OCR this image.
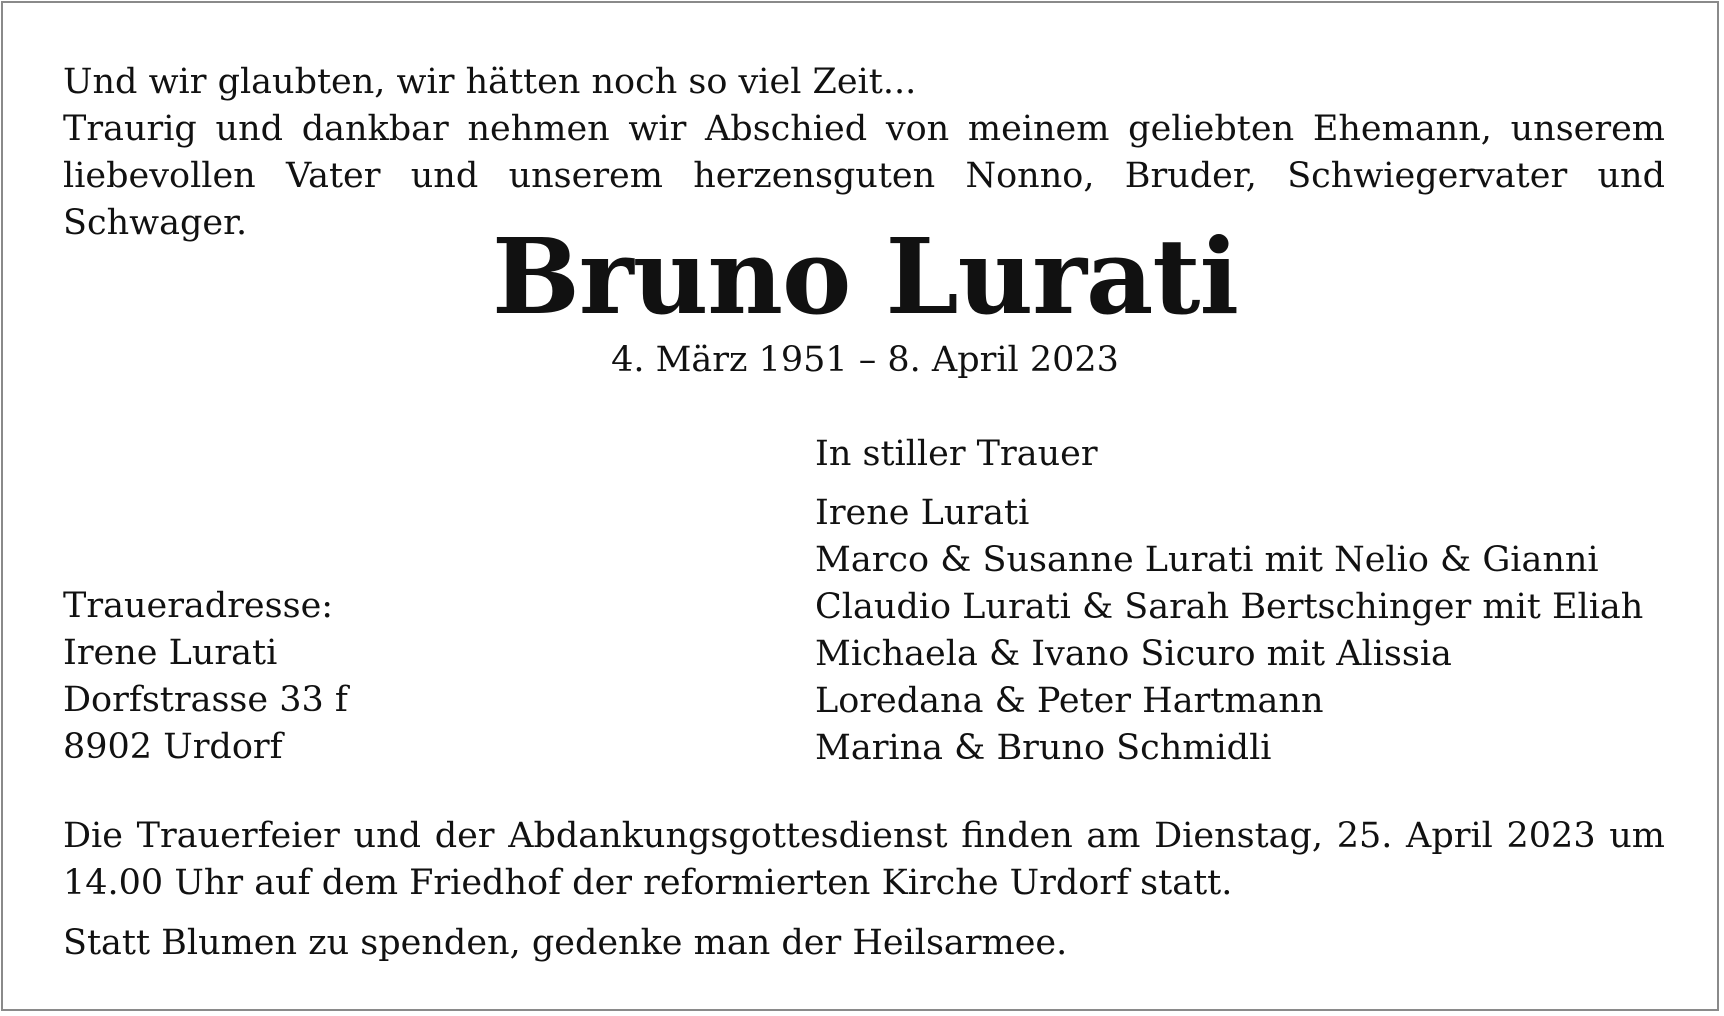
Und wir glaubten, wir hätten noch so viel Zeit...
Traurig und dankbar nehmen wir Abschied von meinem geliebten Ehemann, unserem liebevollen Vater und unserem herzensguten Nonno, Bruder, Schwiegervater und Schwager.	Bruno Lurati

4. März 1951 – 8. April 2023

In stiller Trauer
Irene Lurati
Marco & Susanne Lurati mit Nelio & Gianni
Claudio Lurati & Sarah Bertschinger mit Eliah
Michaela & Ivano Sicuro mit Alissia
Loredana & Peter Hartmann
Marina & Bruno Schmidli
Traueradresse:
Irene Lurati
Dorfstrasse 33 f
8902 Urdorf

Die Trauerfeier und der Abdankungsgottesdienst finden am Dienstag, 25. April 2023 um 14.00 Uhr auf dem Friedhof der reformierten Kirche Urdorf statt.

Statt Blumen zu spenden, gedenke man der Heilsarmee.
